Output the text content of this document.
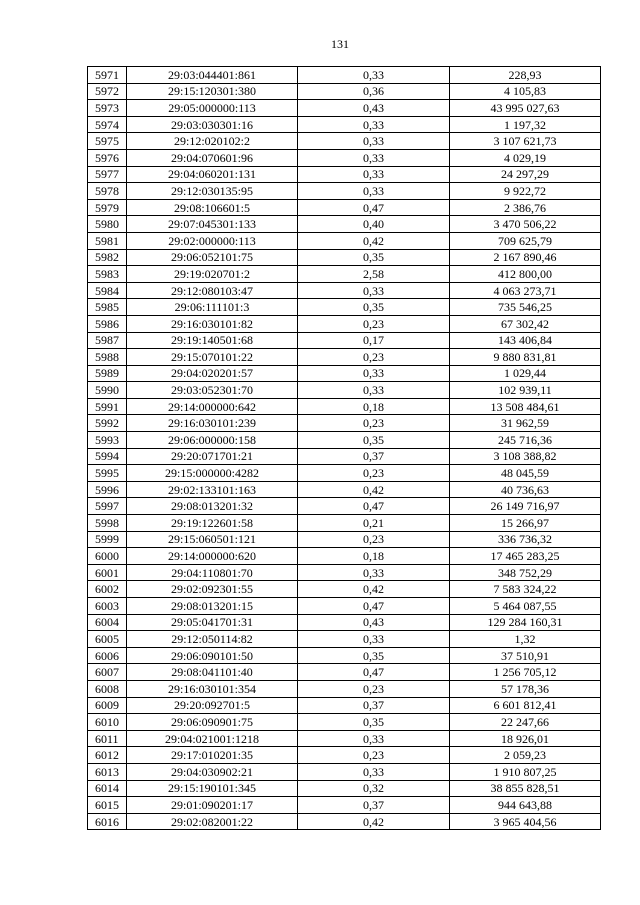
131
5971	29:03:044401:861	0,33	228,93
5972	29:15:120301:380	0,36	4 105,83
5973	29:05:000000:113	0,43	43 995 027,63
5974	29:03:030301:16	0,33	1 197,32
5975	29:12:020102:2	0,33	3 107 621,73
5976	29:04:070601:96	0,33	4 029,19
5977	29:04:060201:131	0,33	24 297,29
5978	29:12:030135:95	0,33	9 922,72
5979	29:08:106601:5	0,47	2 386,76
5980	29:07:045301:133	0,40	3 470 506,22
5981	29:02:000000:113	0,42	709 625,79
5982	29:06:052101:75	0,35	2 167 890,46
5983	29:19:020701:2	2,58	412 800,00
5984	29:12:080103:47	0,33	4 063 273,71
5985	29:06:111101:3	0,35	735 546,25
5986	29:16:030101:82	0,23	67 302,42
5987	29:19:140501:68	0,17	143 406,84
5988	29:15:070101:22	0,23	9 880 831,81
5989	29:04:020201:57	0,33	1 029,44
5990	29:03:052301:70	0,33	102 939,11
5991	29:14:000000:642	0,18	13 508 484,61
5992	29:16:030101:239	0,23	31 962,59
5993	29:06:000000:158	0,35	245 716,36
5994	29:20:071701:21	0,37	3 108 388,82
5995	29:15:000000:4282	0,23	48 045,59
5996	29:02:133101:163	0,42	40 736,63
5997	29:08:013201:32	0,47	26 149 716,97
5998	29:19:122601:58	0,21	15 266,97
5999	29:15:060501:121	0,23	336 736,32
6000	29:14:000000:620	0,18	17 465 283,25
6001	29:04:110801:70	0,33	348 752,29
6002	29:02:092301:55	0,42	7 583 324,22
6003	29:08:013201:15	0,47	5 464 087,55
6004	29:05:041701:31	0,43	129 284 160,31
6005	29:12:050114:82	0,33	1,32
6006	29:06:090101:50	0,35	37 510,91
6007	29:08:041101:40	0,47	1 256 705,12
6008	29:16:030101:354	0,23	57 178,36
6009	29:20:092701:5	0,37	6 601 812,41
6010	29:06:090901:75	0,35	22 247,66
6011	29:04:021001:1218	0,33	18 926,01
6012	29:17:010201:35	0,23	2 059,23
6013	29:04:030902:21	0,33	1 910 807,25
6014	29:15:190101:345	0,32	38 855 828,51
6015	29:01:090201:17	0,37	944 643,88
6016	29:02:082001:22	0,42	3 965 404,56
